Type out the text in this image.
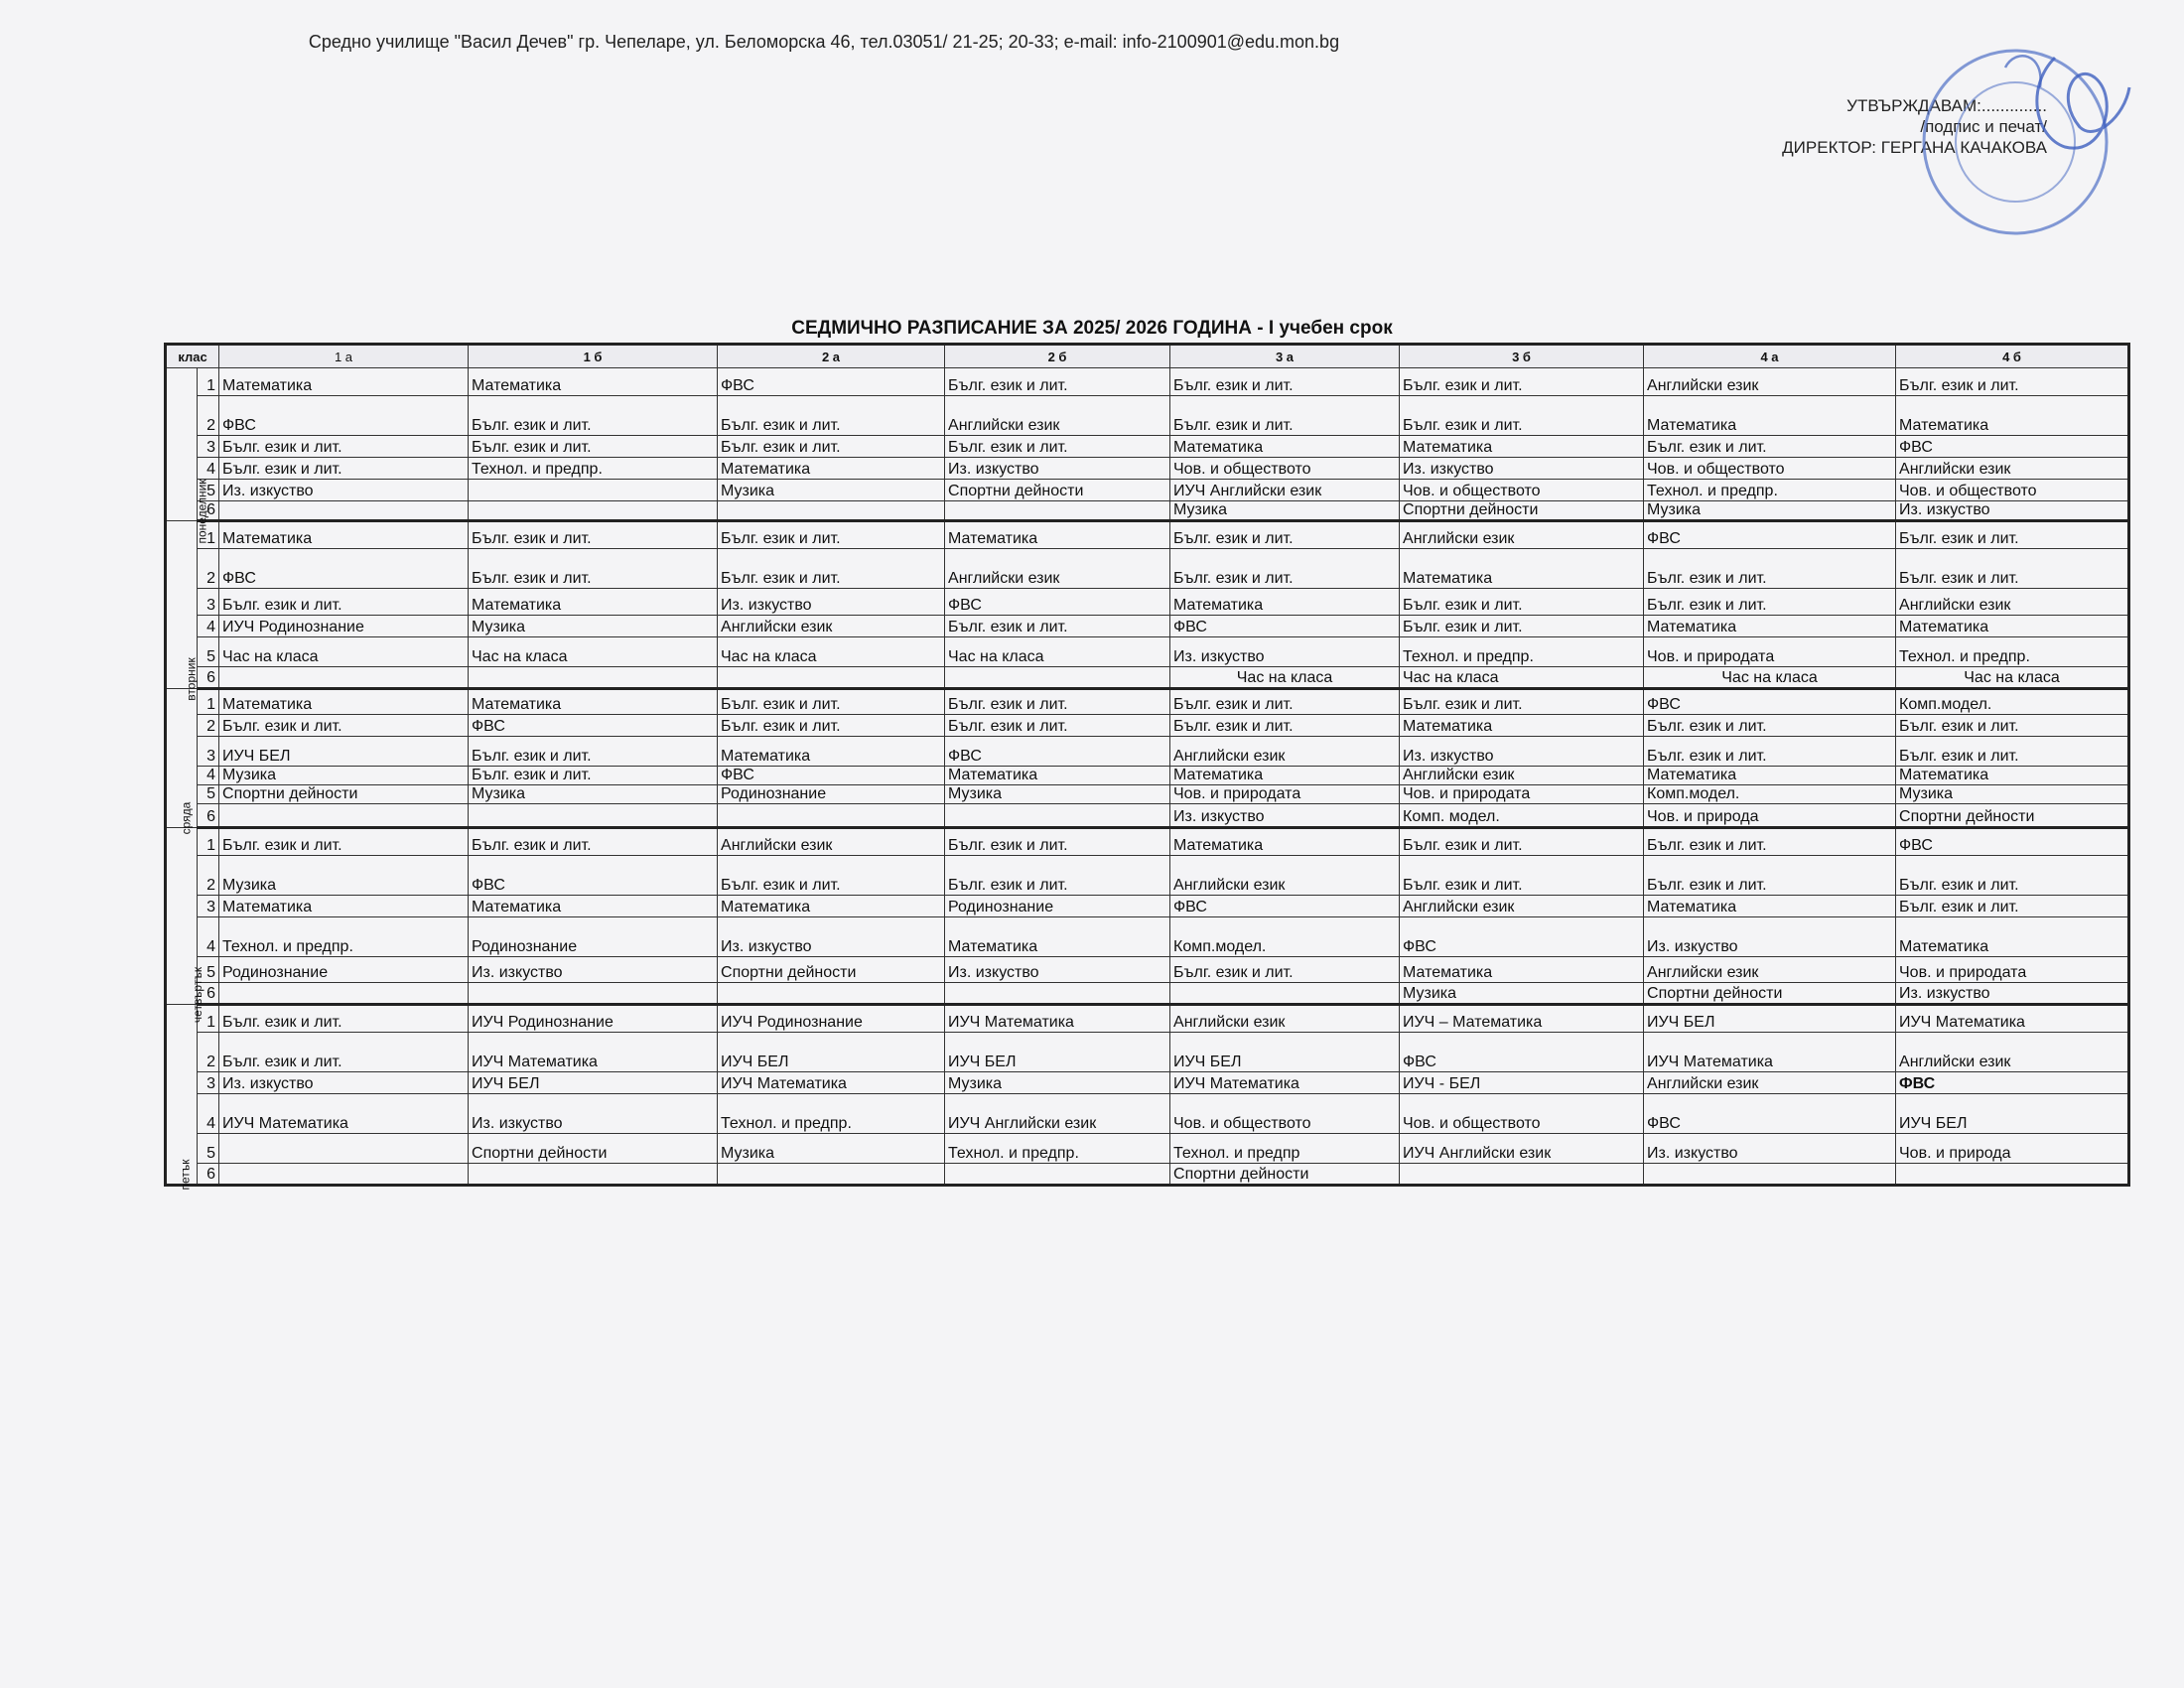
Средно училище "Васил Дечев" гр. Чепеларе, ул. Беломорска 46, тел.03051/ 21-25; 20-33; e-mail: info-2100901@edu.mon.bg
УТВЪРЖДАВАМ:..............
/подпис и печат/
ДИРЕКТОР: ГЕРГАНА КАЧАКОВА
СЕДМИЧНО РАЗПИСАНИЕ ЗА 2025/ 2026 ГОДИНА - I учебен срок
клас		1 а	1 б	2 а	2 б	3 а	3 б	4 а	4 б
понеделник	1	Математика	Математика	ФВС	Бълг. език и лит.	Бълг. език и лит.	Бълг. език и лит.	Английски език	Бълг. език и лит.
	2	ФВС	Бълг. език и лит.	Бълг. език и лит.	Английски език	Бълг. език и лит.	Бълг. език и лит.	Математика	Математика
	3	Бълг. език и лит.	Бълг. език и лит.	Бълг. език и лит.	Бълг. език и лит.	Математика	Математика	Бълг. език и лит.	ФВС
	4	Бълг. език и лит.	Технол. и предпр.	Математика	Из. изкуство	Чов. и обществото	Из. изкуство	Чов. и обществото	Английски език
	5	Из. изкуство		Музика	Спортни дейности	ИУЧ Английски език	Чов. и обществото	Технол. и предпр.	Чов. и обществото
	6					Музика	Спортни дейности	Музика	Из. изкуство
вторник	1	Математика	Бълг. език и лит.	Бълг. език и лит.	Математика	Бълг. език и лит.	Английски език	ФВС	Бълг. език и лит.
	2	ФВС	Бълг. език и лит.	Бълг. език и лит.	Английски език	Бълг. език и лит.	Математика	Бълг. език и лит.	Бълг. език и лит.
	3	Бълг. език и лит.	Математика	Из. изкуство	ФВС	Математика	Бълг. език и лит.	Бълг. език и лит.	Английски език
	4	ИУЧ Родинознание	Музика	Английски език	Бълг. език и лит.	ФВС	Бълг. език и лит.	Математика	Математика
	5	Час на класа	Час на класа	Час на класа	Час на класа	Из. изкуство	Технол. и предпр.	Чов. и природата	Технол. и предпр.
	6					Час на класа	Час на класа	Час на класа	Час на класа
сряда	1	Математика	Математика	Бълг. език и лит.	Бълг. език и лит.	Бълг. език и лит.	Бълг. език и лит.	ФВС	Комп.модел.
	2	Бълг. език и лит.	ФВС	Бълг. език и лит.	Бълг. език и лит.	Бълг. език и лит.	Математика	Бълг. език и лит.	Бълг. език и лит.
	3	ИУЧ БЕЛ	Бълг. език и лит.	Математика	ФВС	Английски език	Из. изкуство	Бълг. език и лит.	Бълг. език и лит.
	4	Музика	Бълг. език и лит.	ФВС	Математика	Математика	Английски език	Математика	Математика
	5	Спортни дейности	Музика	Родинознание	Музика	Чов. и природата	Чов. и природата	Комп.модел.	Музика
	6					Из. изкуство	Комп. модел.	Чов. и природа	Спортни дейности
четвъртък	1	Бълг. език и лит.	Бълг. език и лит.	Английски език	Бълг. език и лит.	Математика	Бълг. език и лит.	Бълг. език и лит.	ФВС
	2	Музика	ФВС	Бълг. език и лит.	Бълг. език и лит.	Английски език	Бълг. език и лит.	Бълг. език и лит.	Бълг. език и лит.
	3	Математика	Математика	Математика	Родинознание	ФВС	Английски език	Математика	Бълг. език и лит.
	4	Технол. и предпр.	Родинознание	Из. изкуство	Математика	Комп.модел.	ФВС	Из. изкуство	Математика
	5	Родинознание	Из. изкуство	Спортни дейности	Из. изкуство	Бълг. език и лит.	Математика	Английски език	Чов. и природата
	6						Музика	Спортни дейности	Из. изкуство
петък	1	Бълг. език и лит.	ИУЧ Родинознание	ИУЧ Родинознание	ИУЧ Математика	Английски език	ИУЧ – Математика	ИУЧ БЕЛ	ИУЧ Математика
	2	Бълг. език и лит.	ИУЧ Математика	ИУЧ БЕЛ	ИУЧ БЕЛ	ИУЧ БЕЛ	ФВС	ИУЧ Математика	Английски език
	3	Из. изкуство	ИУЧ БЕЛ	ИУЧ Математика	Музика	ИУЧ Математика	ИУЧ - БЕЛ	Английски език	ФВС
	4	ИУЧ Математика	Из. изкуство	Технол. и предпр.	ИУЧ Английски език	Чов. и обществото	Чов. и обществото	ФВС	ИУЧ БЕЛ
	5		Спортни дейности	Музика	Технол. и предпр.	Технол. и предпр	ИУЧ Английски език	Из. изкуство	Чов. и природа
	6					Спортни дейности			
